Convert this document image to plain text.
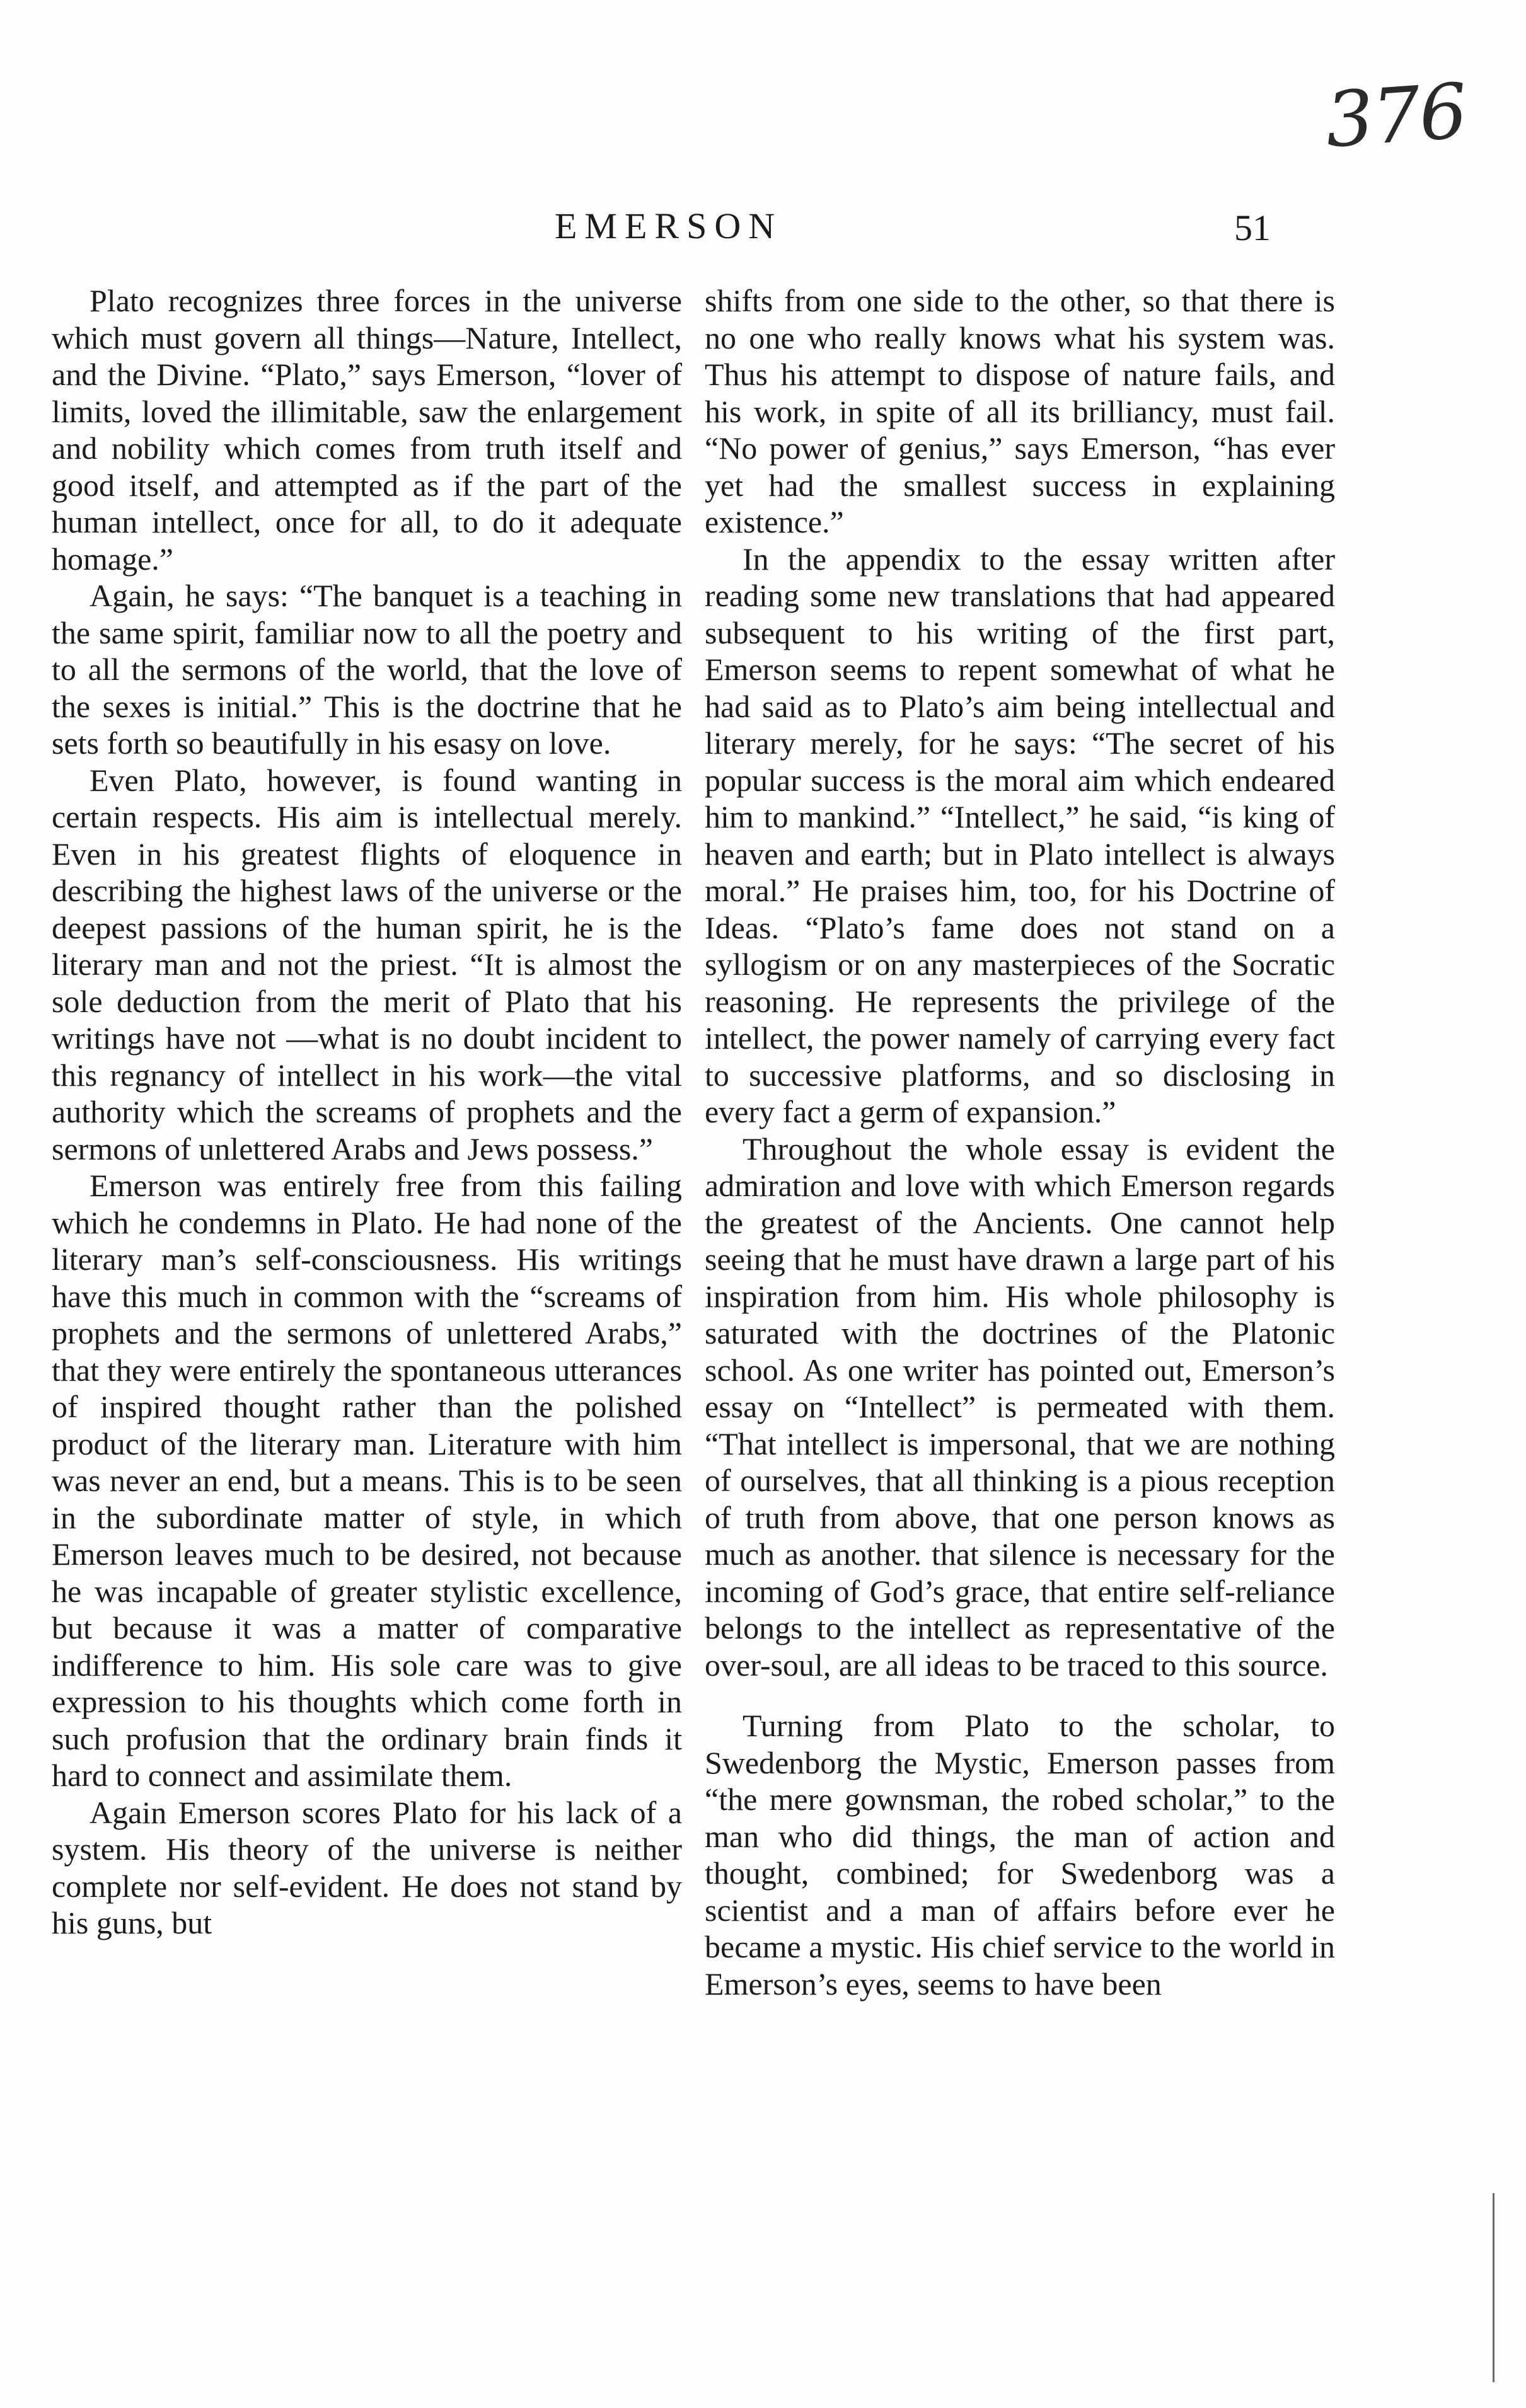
376
EMERSON	51

Plato recognizes three forces in the universe which must govern all things—Nature, Intellect, and the Divine. “Plato,” says Emerson, “lover of limits, loved the illimitable, saw the enlargement and nobility which comes from truth itself and good itself, and attempted as if the part of the human intellect, once for all, to do it adequate homage.”

Again, he says: “The banquet is a teaching in the same spirit, familiar now to all the poetry and to all the sermons of the world, that the love of the sexes is initial.” This is the doctrine that he sets forth so beautifully in his esasy on love.

Even Plato, however, is found wanting in certain respects. His aim is intellectual merely. Even in his greatest flights of eloquence in describing the highest laws of the universe or the deepest passions of the human spirit, he is the literary man and not the priest. “It is almost the sole deduction from the merit of Plato that his writings have not —what is no doubt incident to this regnancy of intellect in his work—the vital authority which the screams of prophets and the sermons of unlettered Arabs and Jews possess.”

Emerson was entirely free from this failing which he condemns in Plato. He had none of the literary man’s self-consciousness. His writings have this much in common with the “screams of prophets and the sermons of unlettered Arabs,” that they were entirely the spontaneous utterances of inspired thought rather than the polished product of the literary man. Literature with him was never an end, but a means. This is to be seen in the subordinate matter of style, in which Emerson leaves much to be desired, not because he was incapable of greater stylistic excellence, but because it was a matter of comparative indifference to him. His sole care was to give expression to his thoughts which come forth in such profusion that the ordinary brain finds it hard to connect and assimilate them.

Again Emerson scores Plato for his lack of a system. His theory of the universe is neither complete nor self-evident. He does not stand by his guns, but

shifts from one side to the other, so that there is no one who really knows what his system was. Thus his attempt to dispose of nature fails, and his work, in spite of all its brilliancy, must fail. “No power of genius,” says Emerson, “has ever yet had the smallest success in explaining existence.”

In the appendix to the essay written after reading some new translations that had appeared subsequent to his writing of the first part, Emerson seems to repent somewhat of what he had said as to Plato’s aim being intellectual and literary merely, for he says: “The secret of his popular success is the moral aim which endeared him to mankind.” “Intellect,” he said, “is king of heaven and earth; but in Plato intellect is always moral.” He praises him, too, for his Doctrine of Ideas. “Plato’s fame does not stand on a syllogism or on any masterpieces of the Socratic reasoning. He represents the privilege of the intellect, the power namely of carrying every fact to successive platforms, and so disclosing in every fact a germ of expansion.”

Throughout the whole essay is evident the admiration and love with which Emerson regards the greatest of the Ancients. One cannot help seeing that he must have drawn a large part of his inspiration from him. His whole philosophy is saturated with the doctrines of the Platonic school. As one writer has pointed out, Emerson’s essay on “Intellect” is permeated with them. “That intellect is impersonal, that we are nothing of ourselves, that all thinking is a pious reception of truth from above, that one person knows as much as another. that silence is necessary for the incoming of God’s grace, that entire self-reliance belongs to the intellect as representative of the over-soul, are all ideas to be traced to this source.

Turning from Plato to the scholar, to Swedenborg the Mystic, Emerson passes from “the mere gownsman, the robed scholar,” to the man who did things, the man of action and thought, combined; for Swedenborg was a scientist and a man of affairs before ever he became a mystic. His chief service to the world in Emerson’s eyes, seems to have been
